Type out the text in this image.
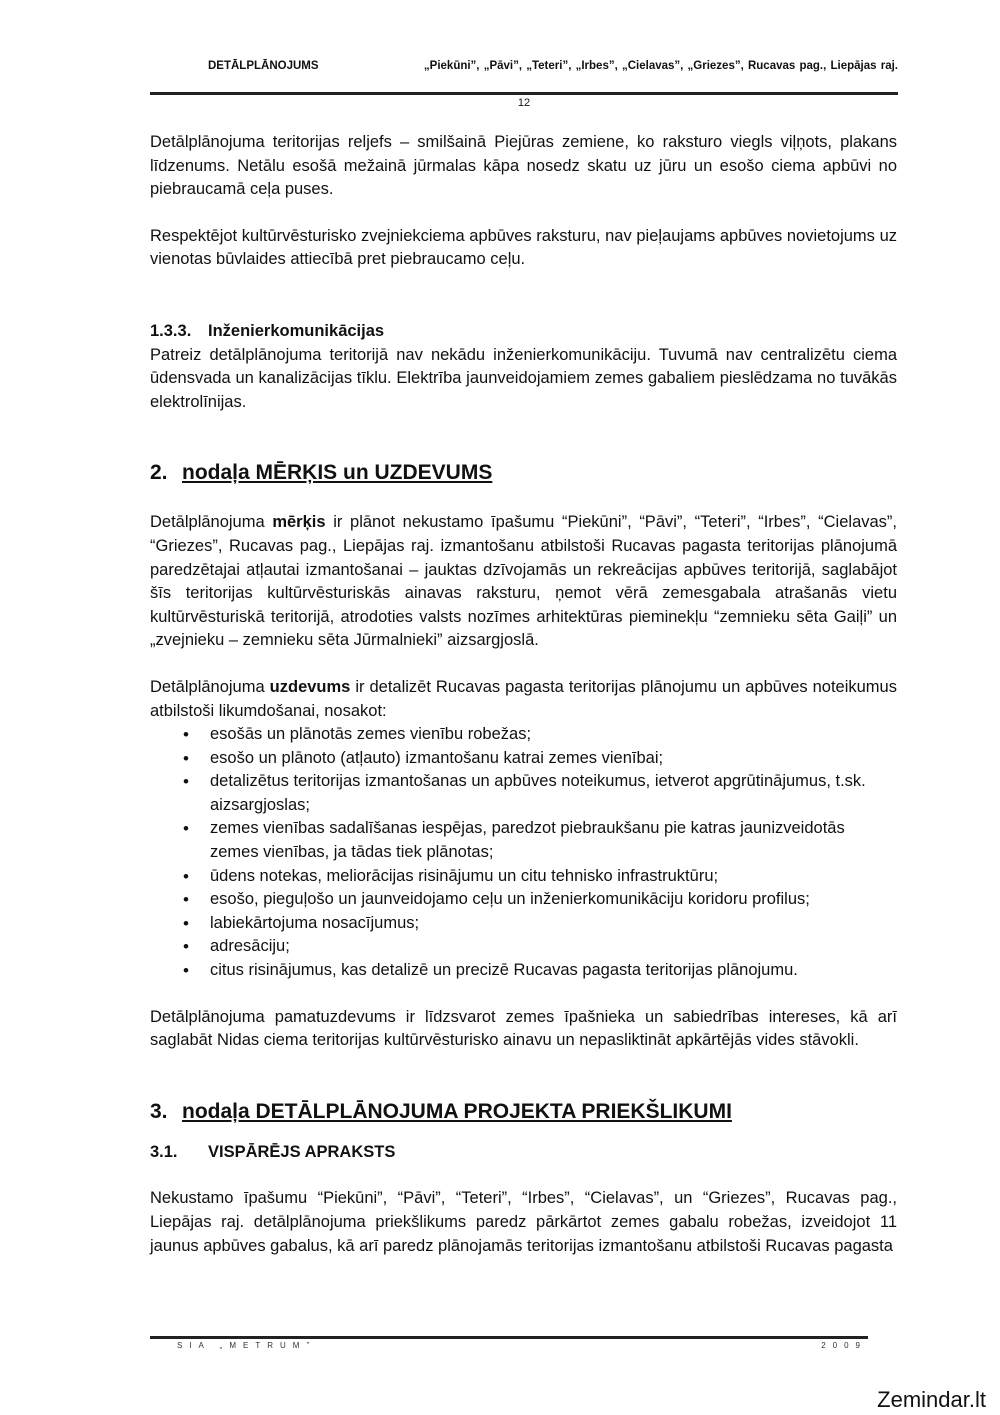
DETĀLPLĀNOJUMS	„Piekūni”, „Pāvi”, „Teteri”, „Irbes”, „Cielavas”, „Griezes”, Rucavas pag., Liepājas raj.
12

Detālplānojuma teritorijas reljefs – smilšainā Piejūras zemiene, ko raksturo viegls viļņots, plakans līdzenums. Netālu esošā mežainā jūrmalas kāpa nosedz skatu uz jūru un esošo ciema apbūvi no piebraucamā ceļa puses.

Respektējot kultūrvēsturisko zvejniekciema apbūves raksturu, nav pieļaujams apbūves novietojums uz vienotas būvlaides attiecībā pret piebraucamo ceļu.

1.3.3. Inženierkomunikācijas

Patreiz detālplānojuma teritorijā nav nekādu inženierkomunikāciju. Tuvumā nav centralizētu ciema ūdensvada un kanalizācijas tīklu. Elektrība jaunveidojamiem zemes gabaliem pieslēdzama no tuvākās elektrolīnijas.

2. nodaļa MĒRĶIS un UZDEVUMS

Detālplānojuma mērķis ir plānot nekustamo īpašumu “Piekūni”, “Pāvi”, “Teteri”, “Irbes”, “Cielavas”, “Griezes”, Rucavas pag., Liepājas raj. izmantošanu atbilstoši Rucavas pagasta teritorijas plānojumā paredzētajai atļautai izmantošanai – jauktas dzīvojamās un rekreācijas apbūves teritorijā, saglabājot šīs teritorijas kultūrvēsturiskās ainavas raksturu, ņemot vērā zemesgabala atrašanās vietu kultūrvēsturiskā teritorijā, atrodoties valsts nozīmes arhitektūras pieminekļu “zemnieku sēta Gaiļi” un „zvejnieku – zemnieku sēta Jūrmalnieki” aizsargjoslā.

Detālplānojuma uzdevums ir detalizēt Rucavas pagasta teritorijas plānojumu un apbūves noteikumus atbilstoši likumdošanai, nosakot:

• esošās un plānotās zemes vienību robežas;
• esošo un plānoto (atļauto) izmantošanu katrai zemes vienībai;
• detalizētus teritorijas izmantošanas un apbūves noteikumus, ietverot apgrūtinājumus, t.sk. aizsargjoslas;
• zemes vienības sadalīšanas iespējas, paredzot piebraukšanu pie katras jaunizveidotās zemes vienības, ja tādas tiek plānotas;
• ūdens notekas, meliorācijas risinājumu un citu tehnisko infrastruktūru;
• esošo, pieguļošo un jaunveidojamo ceļu un inženierkomunikāciju koridoru profilus;
• labiekārtojuma nosacījumus;
• adresāciju;
• citus risinājumus, kas detalizē un precizē Rucavas pagasta teritorijas plānojumu.

Detālplānojuma pamatuzdevums ir līdzsvarot zemes īpašnieka un sabiedrības intereses, kā arī saglabāt Nidas ciema teritorijas kultūrvēsturisko ainavu un nepasliktināt apkārtējās vides stāvokli.

3. nodaļa DETĀLPLĀNOJUMA PROJEKTA PRIEKŠLIKUMI

3.1. VISPĀRĒJS APRAKSTS

Nekustamo īpašumu “Piekūni”, “Pāvi”, “Teteri”, “Irbes”, “Cielavas”, un “Griezes”, Rucavas pag., Liepājas raj. detālplānojuma priekšlikums paredz pārkārtot zemes gabalu robežas, izveidojot 11 jaunus apbūves gabalus, kā arī paredz plānojamās teritorijas izmantošanu atbilstoši Rucavas pagasta

SIA „METRUM”	2009
Zemindar.lt
